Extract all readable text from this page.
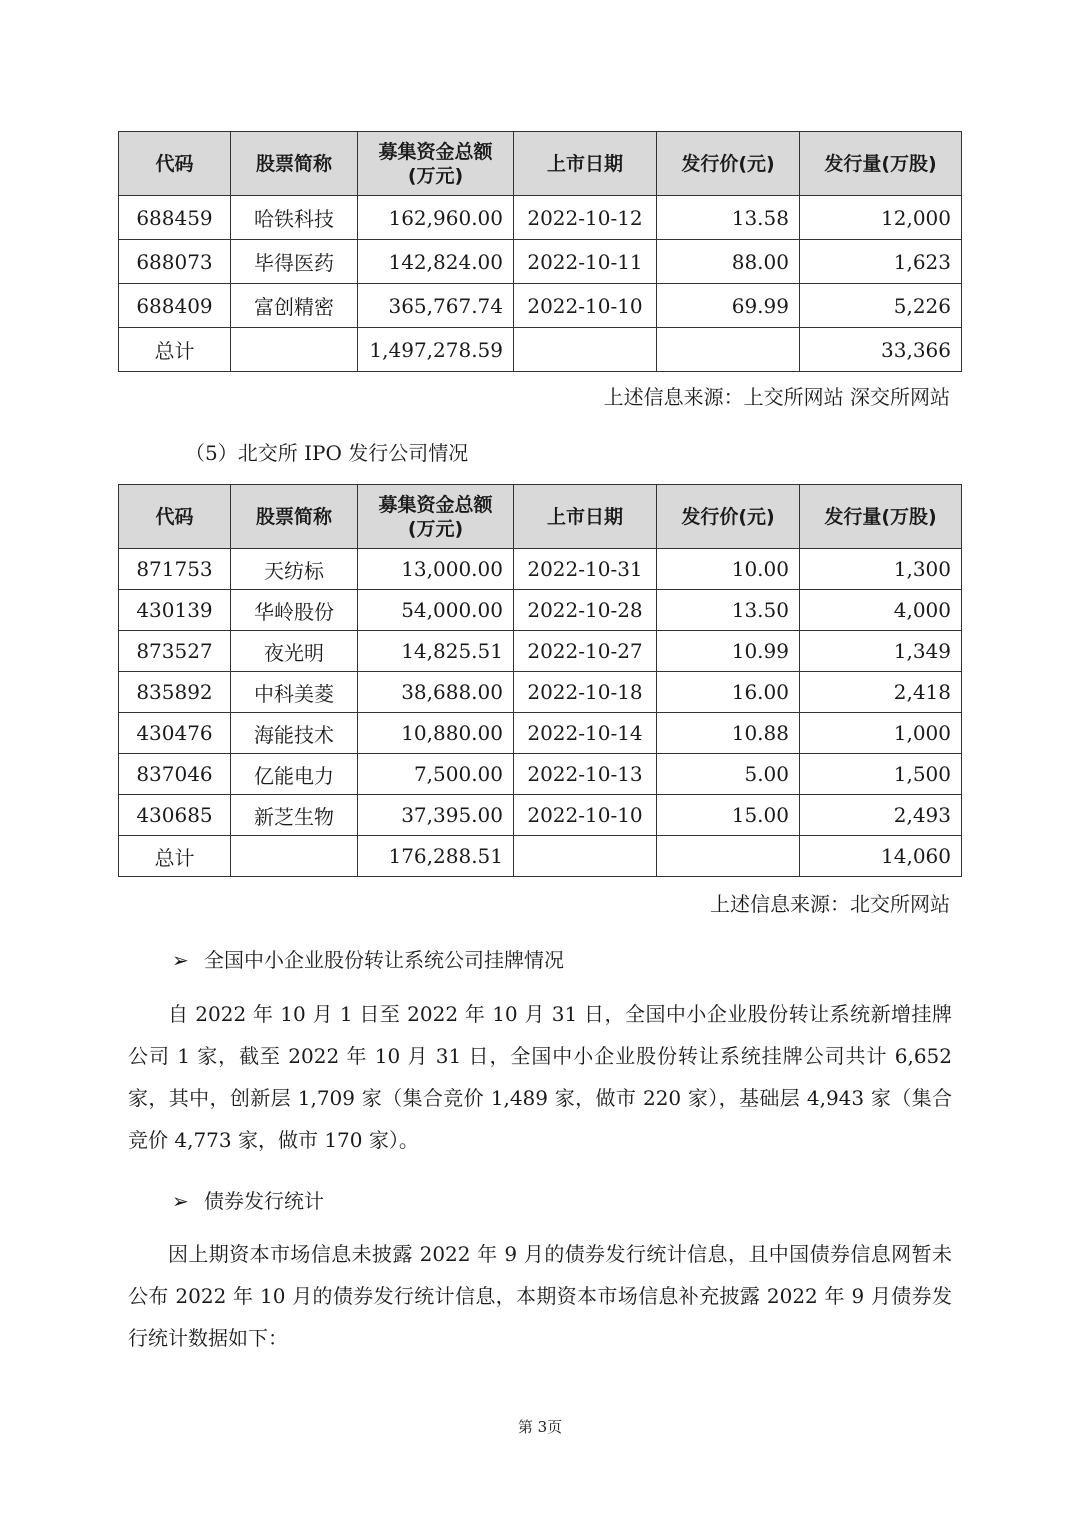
代码	股票简称	募集资金总额(万元)	上市日期	发行价(元)	发行量(万股)
688459	哈铁科技	162,960.00	2022-10-12	13.58	12,000
688073	毕得医药	142,824.00	2022-10-11	88.00	1,623
688409	富创精密	365,767.74	2022-10-10	69.99	5,226
总计		1,497,278.59			33,366
上述信息来源：上交所网站 深交所网站
（5）北交所 IPO 发行公司情况
代码	股票简称	募集资金总额(万元)	上市日期	发行价(元)	发行量(万股)
871753	天纺标	13,000.00	2022-10-31	10.00	1,300
430139	华岭股份	54,000.00	2022-10-28	13.50	4,000
873527	夜光明	14,825.51	2022-10-27	10.99	1,349
835892	中科美菱	38,688.00	2022-10-18	16.00	2,418
430476	海能技术	10,880.00	2022-10-14	10.88	1,000
837046	亿能电力	7,500.00	2022-10-13	5.00	1,500
430685	新芝生物	37,395.00	2022-10-10	15.00	2,493
总计		176,288.51			14,060
上述信息来源：北交所网站
➢ 全国中小企业股份转让系统公司挂牌情况

自 2022 年 10 月 1 日至 2022 年 10 月 31 日，全国中小企业股份转让系统新增挂牌公司 1 家，截至 2022 年 10 月 31 日，全国中小企业股份转让系统挂牌公司共计 6,652 家，其中，创新层 1,709 家（集合竞价 1,489 家，做市 220 家），基础层 4,943 家（集合竞价 4,773 家，做市 170 家）。

➢ 债券发行统计

因上期资本市场信息未披露 2022 年 9 月的债券发行统计信息，且中国债券信息网暂未公布 2022 年 10 月的债券发行统计信息，本期资本市场信息补充披露 2022 年 9 月债券发行统计数据如下：

第 3页
